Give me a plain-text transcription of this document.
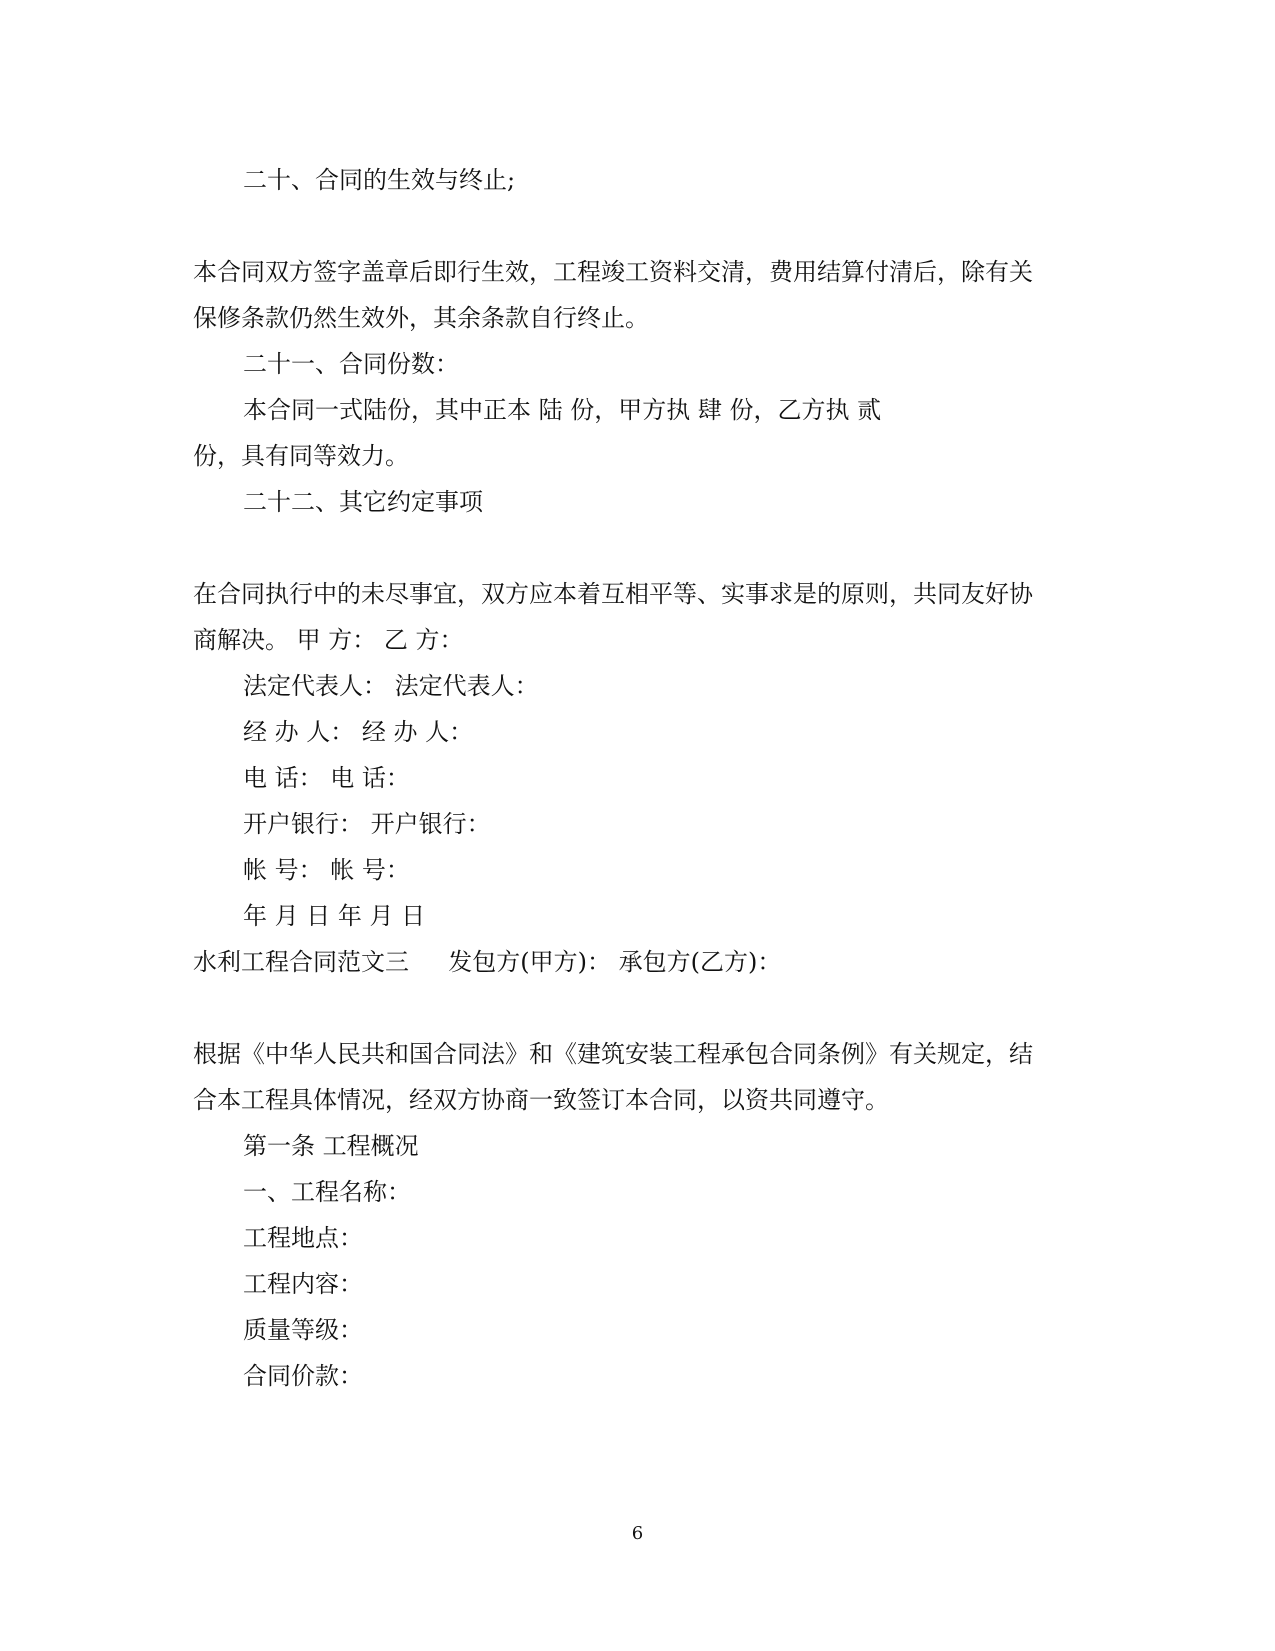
二十、合同的生效与终止;
本合同双方签字盖章后即行生效，工程竣工资料交清，费用结算付清后，除有关
保修条款仍然生效外，其余条款自行终止。
二十一、合同份数：
本合同一式陆份，其中正本 陆 份，甲方执 肆 份，乙方执 贰
份，具有同等效力。
二十二、其它约定事项
在合同执行中的未尽事宜，双方应本着互相平等、实事求是的原则，共同友好协
商解决。 甲 方： 乙 方：
法定代表人： 法定代表人：
经 办 人： 经 办 人：
电 话： 电 话：
开户银行： 开户银行：
帐 号： 帐 号：
年 月 日 年 月 日
水利工程合同范文三 　 发包方(甲方)： 承包方(乙方)：
根据《中华人民共和国合同法》和《建筑安装工程承包合同条例》有关规定，结
合本工程具体情况，经双方协商一致签订本合同，以资共同遵守。
第一条 工程概况
一、工程名称：
工程地点：
工程内容：
质量等级：
合同价款：
6
